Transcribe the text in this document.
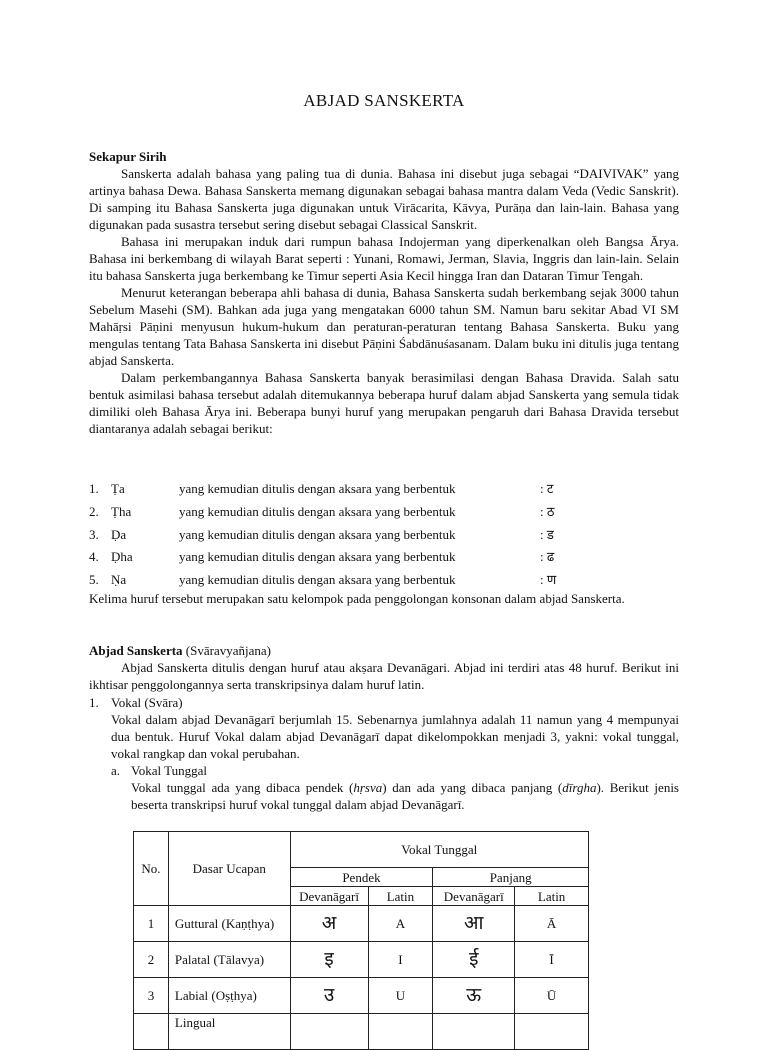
ABJAD SANSKERTA
Sekapur Sirih

Sanskerta adalah bahasa yang paling tua di dunia. Bahasa ini disebut juga sebagai “DAIVIVAK” yang artinya bahasa Dewa. Bahasa Sanskerta memang digunakan sebagai bahasa mantra dalam Veda (Vedic Sanskrit). Di samping itu Bahasa Sanskerta juga digunakan untuk Virācarita, Kāvya, Purāṇa dan lain-lain. Bahasa yang digunakan pada susastra tersebut sering disebut sebagai Classical Sanskrit.

Bahasa ini merupakan induk dari rumpun bahasa Indojerman yang diperkenalkan oleh Bangsa Ārya. Bahasa ini berkembang di wilayah Barat seperti : Yunani, Romawi, Jerman, Slavia, Inggris dan lain-lain. Selain itu bahasa Sanskerta juga berkembang ke Timur seperti Asia Kecil hingga Iran dan Dataran Timur Tengah.

Menurut keterangan beberapa ahli bahasa di dunia, Bahasa Sanskerta sudah berkembang sejak 3000 tahun Sebelum Masehi (SM). Bahkan ada juga yang mengatakan 6000 tahun SM. Namun baru sekitar Abad VI SM Mahāṛsi Pāṇini menyusun hukum-hukum dan peraturan-peraturan tentang Bahasa Sanskerta. Buku yang mengulas tentang Tata Bahasa Sanskerta ini disebut Pāṇini Śabdānuśasanam. Dalam buku ini ditulis juga tentang abjad Sanskerta.

Dalam perkembangannya Bahasa Sanskerta banyak berasimilasi dengan Bahasa Dravida. Salah satu bentuk asimilasi bahasa tersebut adalah ditemukannya beberapa huruf dalam abjad Sanskerta yang semula tidak dimiliki oleh Bahasa Ārya ini. Beberapa bunyi huruf yang merupakan pengaruh dari Bahasa Dravida tersebut diantaranya adalah sebagai berikut:

1. Ṭa	yang kemudian ditulis dengan aksara yang berbentuk	: ट
2. Ṭha	yang kemudian ditulis dengan aksara yang berbentuk	: ठ
3. Ḍa	yang kemudian ditulis dengan aksara yang berbentuk	: ड
4. Ḍha	yang kemudian ditulis dengan aksara yang berbentuk	: ढ
5. Ṇa	yang kemudian ditulis dengan aksara yang berbentuk	: ण

Kelima huruf tersebut merupakan satu kelompok pada penggolongan konsonan dalam abjad Sanskerta.

Abjad Sanskerta (Svāravyañjana)

Abjad Sanskerta ditulis dengan huruf atau akṣara Devanāgari. Abjad ini terdiri atas 48 huruf. Berikut ini ikhtisar penggolongannya serta transkripsinya dalam huruf latin.

1. Vokal (Svāra)

Vokal dalam abjad Devanāgarī berjumlah 15. Sebenarnya jumlahnya adalah 11 namun yang 4 mempunyai dua bentuk. Huruf Vokal dalam abjad Devanāgarī dapat dikelompokkan menjadi 3, yakni: vokal tunggal, vokal rangkap dan vokal perubahan.

a. Vokal Tunggal

Vokal tunggal ada yang dibaca pendek (hṛsva) dan ada yang dibaca panjang (dīrgha). Berikut jenis beserta transkripsi huruf vokal tunggal dalam abjad Devanāgarī.

No.	Dasar Ucapan	Vokal Tunggal			
		Pendek		Panjang	
		Devanāgarī	Latin	Devanāgarī	Latin
1	Guttural (Kaṇṭhya)	अ	A	आ	Ā
2	Palatal (Tālavya)	इ	I	ई	Ī
3	Labial (Oṣṭhya)	उ	U	ऊ	Ū
	Lingual				
